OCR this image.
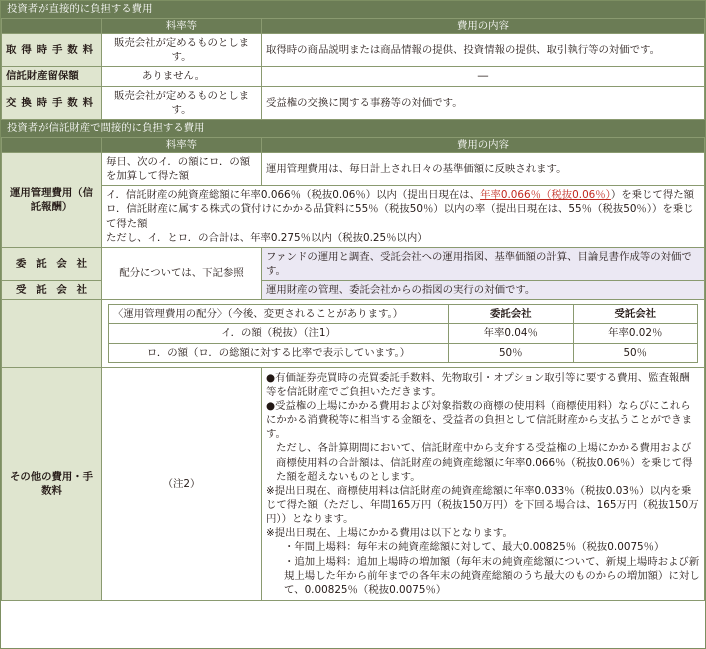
投資者が直接的に負担する費用
	料率等	費用の内容
取得時手数料	販売会社が定めるものとします。	取得時の商品説明または商品情報の提供、投資情報の提供、取引執行等の対価です。
信託財産留保額	ありません。	―
交換時手数料	販売会社が定めるものとします。	受益権の交換に関する事務等の対価です。
投資者が信託財産で間接的に負担する費用
	料率等	費用の内容
運用管理費用（信託報酬）	毎日、次のイ．の額にロ．の額を加算して得た額	運用管理費用は、毎日計上され日々の基準価額に反映されます。
イ．信託財産の純資産総額に年率0.066％（税抜0.06％）以内（提出日現在は、年率0.066％（税抜0.06％））を乗じて得た額
ロ．信託財産に属する株式の貸付けにかかる品貸料に55％（税抜50％）以内の率（提出日現在は、55％（税抜50％））を乗じて得た額
ただし、イ．とロ．の合計は、年率0.275％以内（税抜0.25％以内）
委託会社	配分については、下記参照	ファンドの運用と調査、受託会社への運用指図、基準価額の計算、目論見書作成等の対価です。
受託会社	運用財産の管理、委託会社からの指図の実行の対価です。

〈運用管理費用の配分〉（今後、変更されることがあります。）	委託会社	受託会社
イ．の額（税抜）（注1）	年率0.04％	年率0.02％
ロ．の額（ロ．の総額に対する比率で表示しています。）	50％	50％

その他の費用・手数料	（注2）	
●有価証券売買時の売買委託手数料、先物取引・オプション取引等に要する費用、監査報酬等を信託財産でご負担いただきます。
●受益権の上場にかかる費用および対象指数の商標の使用料（商標使用料）ならびにこれらにかかる消費税等に相当する金額を、受益者の負担として信託財産から支払うことができます。
ただし、各計算期間において、信託財産中から支弁する受益権の上場にかかる費用および商標使用料の合計額は、信託財産の純資産総額に年率0.066％（税抜0.06％）を乗じて得た額を超えないものとします。
※提出日現在、商標使用料は信託財産の純資産総額に年率0.033％（税抜0.03％）以内を乗じて得た額（ただし、年間165万円（税抜150万円）を下回る場合は、165万円（税抜150万円））となります。
※提出日現在、上場にかかる費用は以下となります。
・年間上場料：毎年末の純資産総額に対して、最大0.00825％（税抜0.0075％）
・追加上場料：追加上場時の増加額（毎年末の純資産総額について、新規上場時および新規上場した年から前年までの各年末の純資産総額のうち最大のものからの増加額）に対して、0.00825％（税抜0.0075％）
